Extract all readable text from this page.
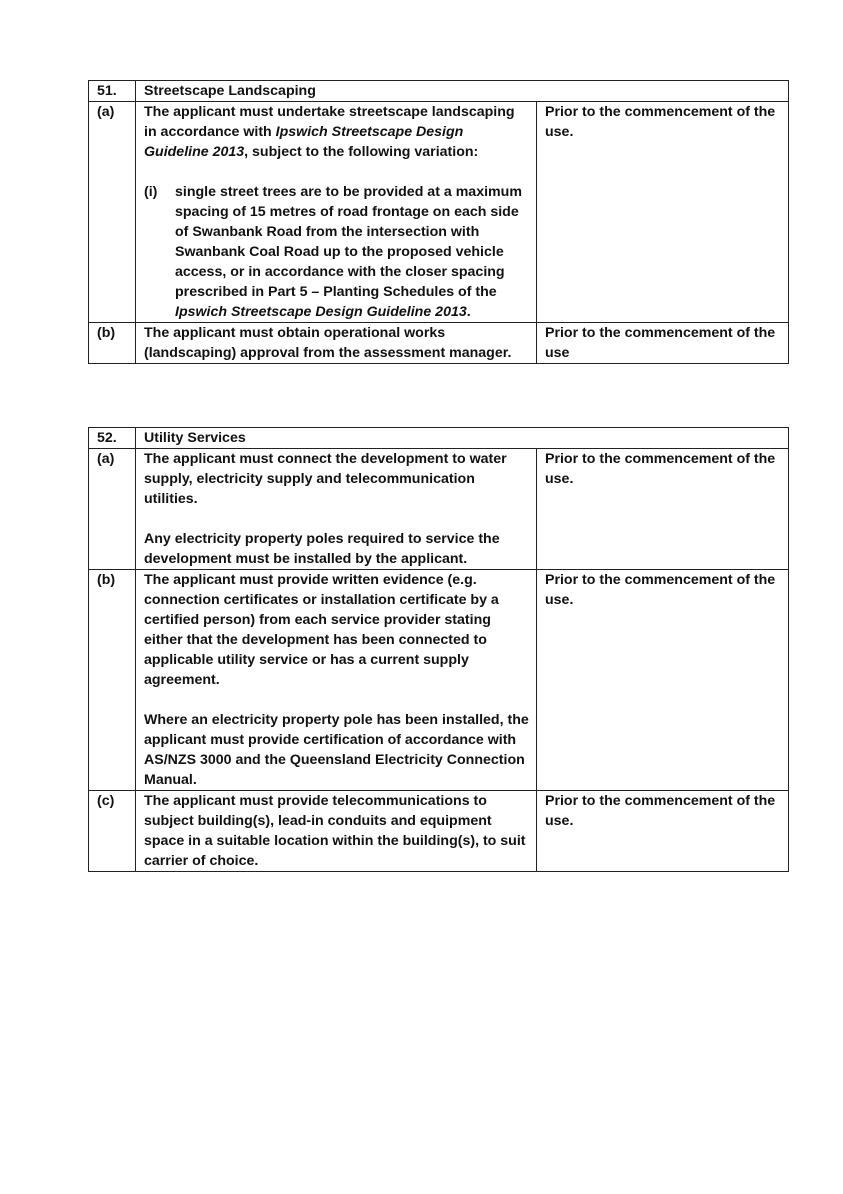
51.	Streetscape Landscaping	
(a)	The applicant must undertake streetscape landscaping in accordance with Ipswich Streetscape Design Guideline 2013, subject to the following variation:

(i) single street trees are to be provided at a maximum spacing of 15 metres of road frontage on each side of Swanbank Road from the intersection with Swanbank Coal Road up to the proposed vehicle access, or in accordance with the closer spacing prescribed in Part 5 – Planting Schedules of the Ipswich Streetscape Design Guideline 2013.	Prior to the commencement of the use.
(b)	The applicant must obtain operational works (landscaping) approval from the assessment manager.	Prior to the commencement of the use
52.	Utility Services	
(a)	The applicant must connect the development to water supply, electricity supply and telecommunication utilities.

Any electricity property poles required to service the development must be installed by the applicant.	Prior to the commencement of the use.
(b)	The applicant must provide written evidence (e.g. connection certificates or installation certificate by a certified person) from each service provider stating either that the development has been connected to applicable utility service or has a current supply agreement.

Where an electricity property pole has been installed, the applicant must provide certification of accordance with AS/NZS 3000 and the Queensland Electricity Connection Manual.	Prior to the commencement of the use.
(c)	The applicant must provide telecommunications to subject building(s), lead-in conduits and equipment space in a suitable location within the building(s), to suit carrier of choice.	Prior to the commencement of the use.
